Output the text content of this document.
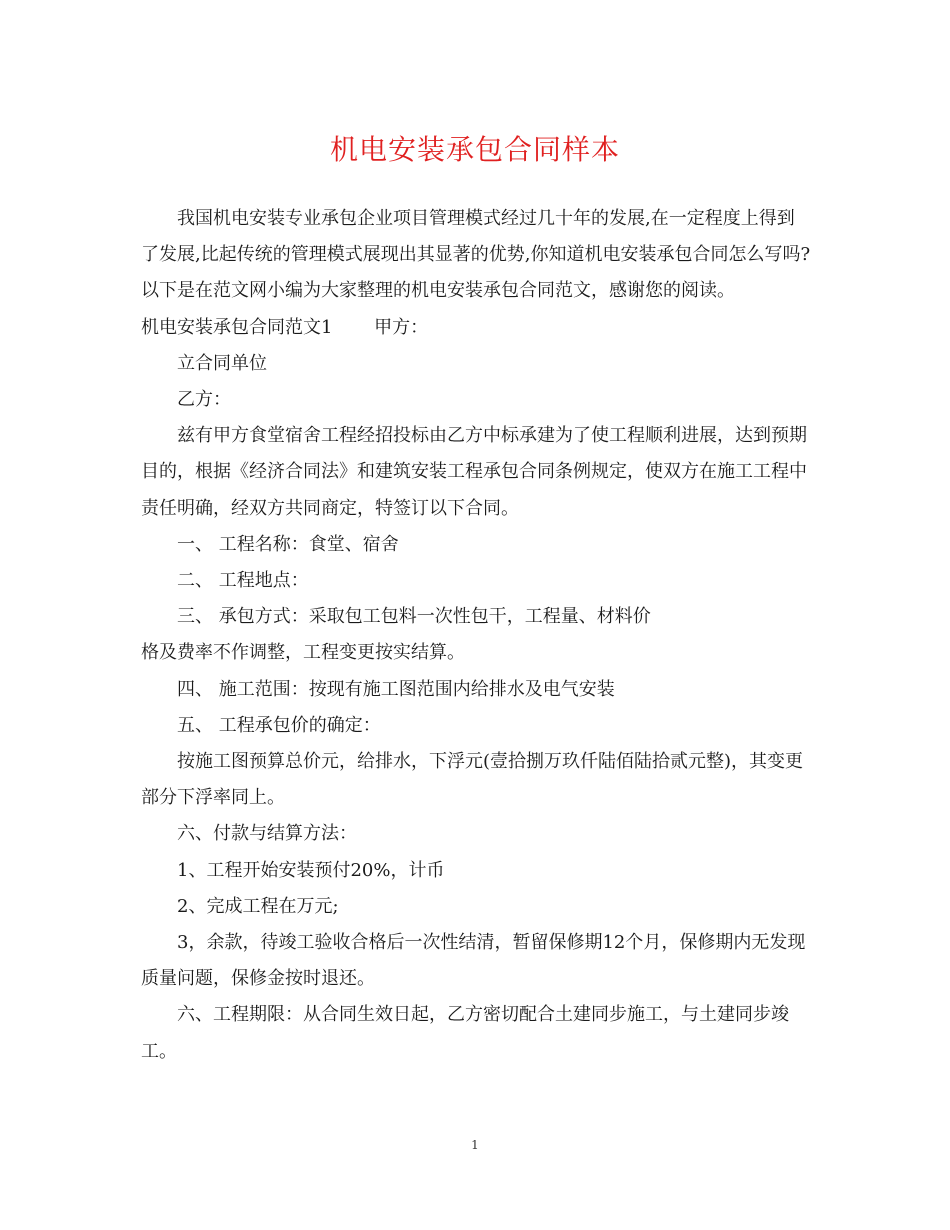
机电安装承包合同样本

我国机电安装专业承包企业项目管理模式经过几十年的发展,在一定程度上得到了发展,比起传统的管理模式展现出其显著的优势,你知道机电安装承包合同怎么写吗?以下是在范文网小编为大家整理的机电安装承包合同范文，感谢您的阅读。

机电安装承包合同范文1　　 甲方：

立合同单位

乙方：

兹有甲方食堂宿舍工程经招投标由乙方中标承建为了使工程顺利进展，达到预期目的，根据《经济合同法》和建筑安装工程承包合同条例规定，使双方在施工工程中责任明确，经双方共同商定，特签订以下合同。

一、 工程名称：食堂、宿舍

二、 工程地点：

三、 承包方式：采取包工包料一次性包干，工程量、材料价

格及费率不作调整，工程变更按实结算。

四、 施工范围：按现有施工图范围内给排水及电气安装

五、 工程承包价的确定：

按施工图预算总价元，给排水，下浮元(壹拾捌万玖仟陆佰陆拾贰元整)，其变更部分下浮率同上。

六、付款与结算方法：

1、工程开始安装预付20%，计币

2、完成工程在万元;

3，余款，待竣工验收合格后一次性结清，暂留保修期12个月，保修期内无发现质量问题，保修金按时退还。

六、工程期限：从合同生效日起，乙方密切配合土建同步施工，与土建同步竣工。

1
